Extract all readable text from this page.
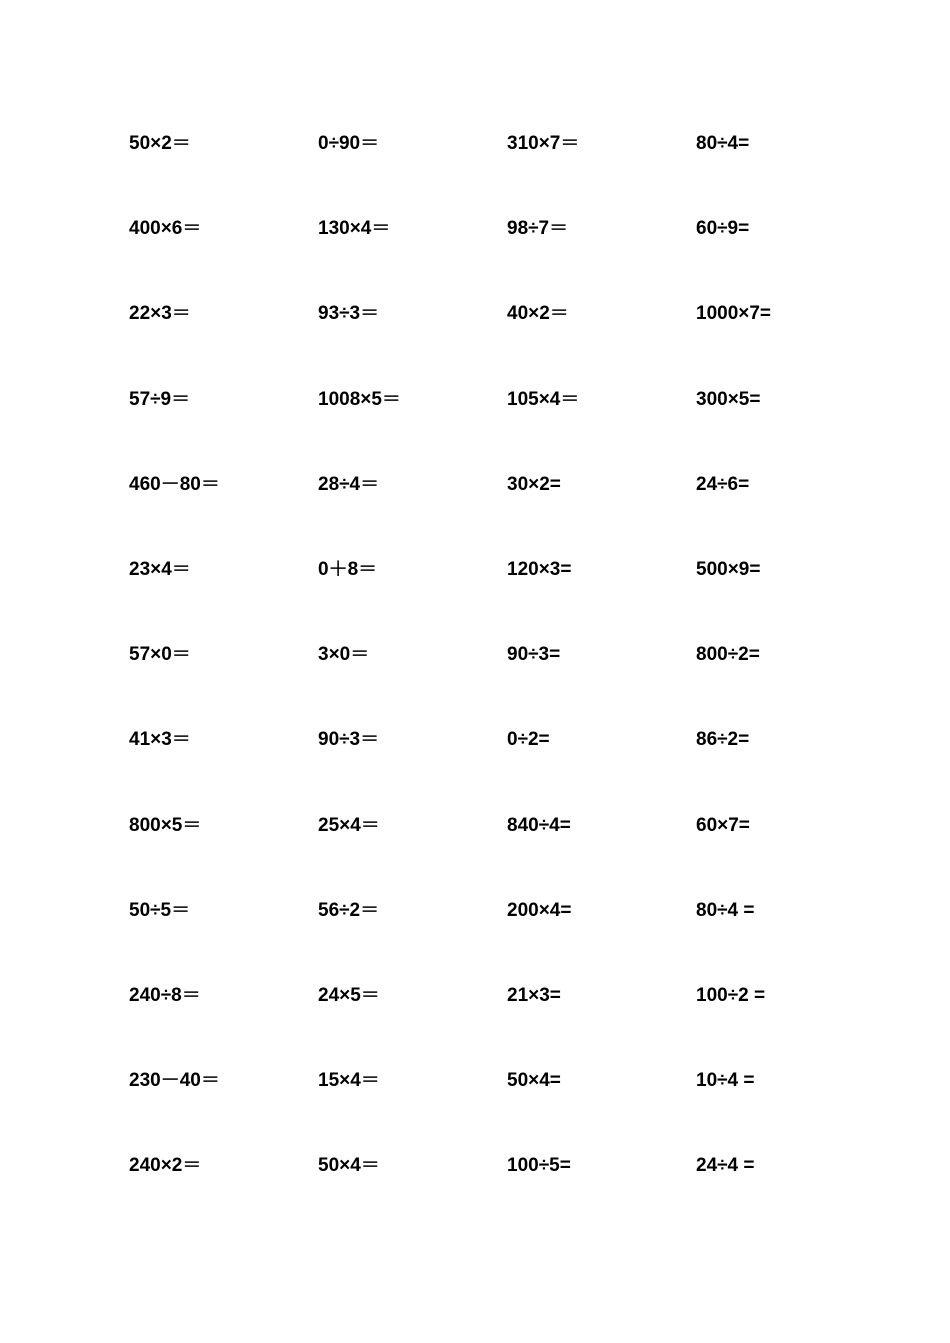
50×2＝	0÷90＝	310×7＝	80÷4=
400×6＝	130×4＝	98÷7＝	60÷9=
22×3＝	93÷3＝	40×2＝	1000×7=
57÷9＝	1008×5＝	105×4＝	300×5=
460－80＝	28÷4＝	30×2=	24÷6=
23×4＝	0＋8＝	120×3=	500×9=
57×0＝	3×0＝	90÷3=	800÷2=
41×3＝	90÷3＝	0÷2=	86÷2=
800×5＝	25×4＝	840÷4=	60×7=
50÷5＝	56÷2＝	200×4=	80÷4 =
240÷8＝	24×5＝	21×3=	100÷2 =
230－40＝	15×4＝	50×4=	10÷4 =
240×2＝	50×4＝	100÷5=	24÷4 =
